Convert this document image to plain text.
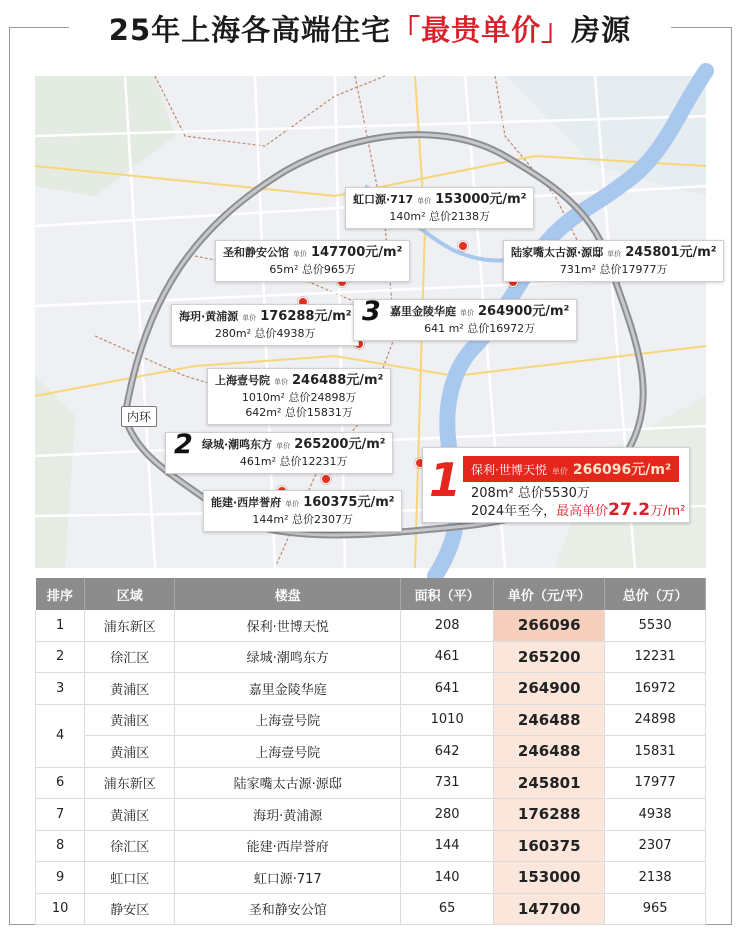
25年上海各高端住宅「最贵单价」房源
内环
虹口源·717 单价 153000元/m²
140m² 总价2138万
圣和静安公馆 单价 147700元/m²
65m² 总价965万
陆家嘴太古源·源邸 单价 245801元/m²
731m² 总价17977万
海玥·黄浦源 单价 176288元/m²
280m² 总价4938万
3 嘉里金陵华庭 单价 264900元/m²
641 m² 总价16972万
上海壹号院 单价 246488元/m²
1010m² 总价24898万
642m² 总价15831万
2 绿城·潮鸣东方 单价 265200元/m²
461m² 总价12231万
能建·西岸誉府 单价 160375元/m²
144m² 总价2307万
1 保利·世博天悦 单价 266096元/m²
208m² 总价5530万
2024年至今，最高单价27.2万/m²
排序	区域	楼盘	面积（平）	单价（元/平）	总价（万）
1	浦东新区	保利·世博天悦	208	266096	5530
2	徐汇区	绿城·潮鸣东方	461	265200	12231
3	黄浦区	嘉里金陵华庭	641	264900	16972
4	黄浦区	上海壹号院	1010	246488	24898
	黄浦区	上海壹号院	642	246488	15831
6	浦东新区	陆家嘴太古源·源邸	731	245801	17977
7	黄浦区	海玥·黄浦源	280	176288	4938
8	徐汇区	能建·西岸誉府	144	160375	2307
9	虹口区	虹口源·717	140	153000	2138
10	静安区	圣和静安公馆	65	147700	965
